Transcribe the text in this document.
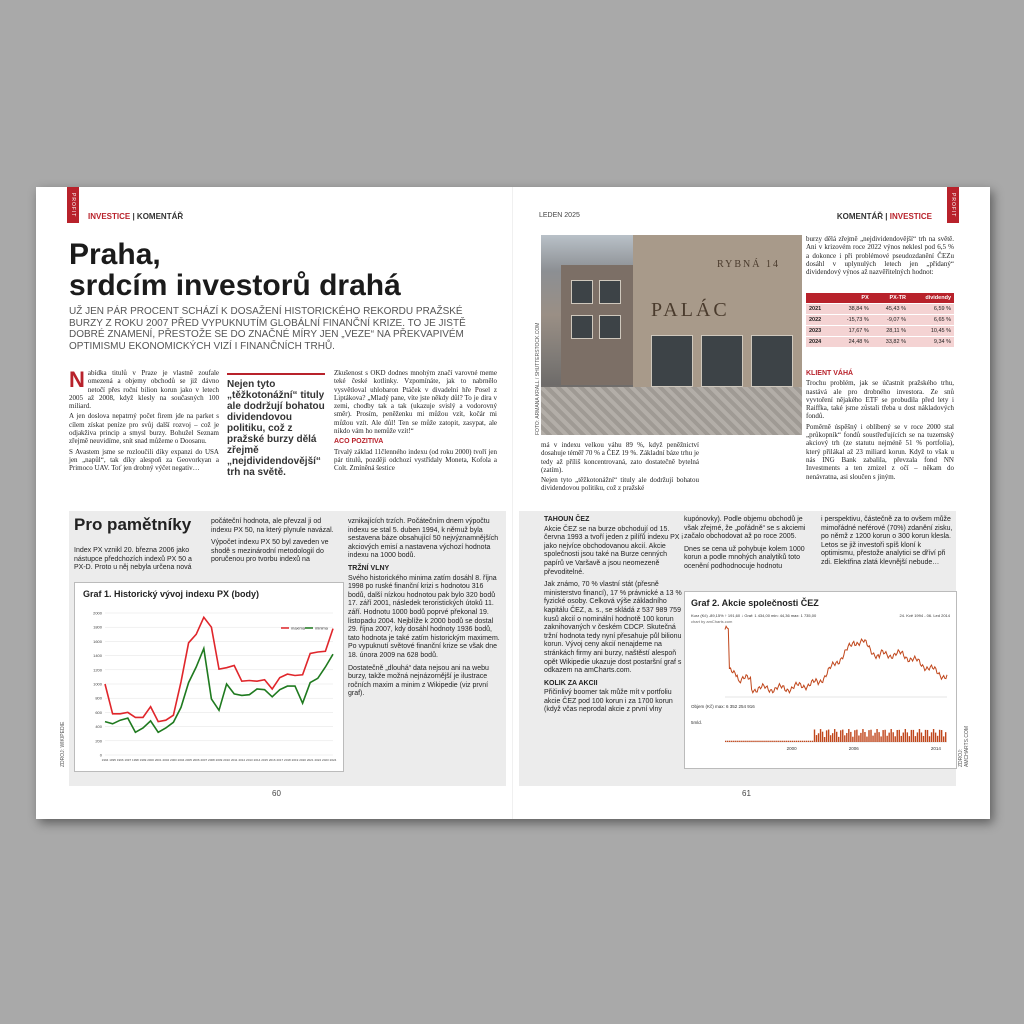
PROFIT	PROFIT
INVESTICE | KOMENTÁŘ	LEDEN 2025	KOMENTÁŘ | INVESTICE
Praha,
srdcím investorů drahá
UŽ JEN PÁR PROCENT SCHÁZÍ K DOSAŽENÍ HISTORICKÉHO REKORDU PRAŽSKÉ BURZY Z ROKU 2007 PŘED VYPUKNUTÍM GLOBÁLNÍ FINANČNÍ KRIZE. TO JE JISTĚ DOBRÉ ZNAMENÍ, PŘESTOŽE SE DO ZNAČNÉ MÍRY JEN „VEZE“ NA PŘEKVAPIVÉM OPTIMISMU EKONOMICKÝCH VIZÍ I FINANČNÍCH TRHŮ.

Nabídka titulů v Praze je vlastně zoufale omezená a objemy obchodů se již dávno netočí přes roční bilion korun jako v letech 2005 až 2008, když klesly na současných 100 miliard.

A jen doslova nepatrný počet firem jde na parket s cílem získat peníze pro svůj další rozvoj – což je odjakživa princip a smysl burzy. Bohužel Seznam zřejmě neuvidíme, snít snad můžeme o Doosanu.

S Avastem jsme se rozloučili díky expanzi do USA jen „napůl“, tak díky alespoň za Geovorkyan a Primoco UAV. Toť jen drobný výčet negativ…

Nejen tyto „těžkotonážní“ tituly ale dodržují bohatou dividendovou politiku, což z pražské burzy dělá zřejmě „nejdividendovější“ trh na světě.

Zkušenost s OKD dodnes mnohým značí varovné meme teké české kotlinky. Vzpomínáte, jak to nabrnělo vysvětloval uhlobaron Ptáček v divadelní hře Posel z Liptákova? „Mladý pane, víte jste někdy důl? To je díra v zemi, chodby tak a tak (ukazuje svislý a vodorovný směr). Prosím, peněženku mi můžou vzít, kočár mi můžou vzít. Ale důl! Ten se může zatopit, zasypat, ale nikdo vám ho nemůže vzít!“

ACO POZITIVA

Trvalý základ 11členného indexu (od roku 2000) tvoří jen pár titulů, později odchozí vystřídaly Moneta, Kofola a Colt. Zmíněná šestice

PALÁC
RYBNÁ 14
FOTO: ARMANA KRALL / SHUTTERSTOCK.COM

má v indexu velkou váhu 89 %, když peněžnictví dosahuje téměř 70 % a ČEZ 19 %. Základní báze trhu je tedy až příliš koncentrovaná, zato dostatečně bytelná (zatím).

Nejen tyto „těžkotonážní“ tituly ale dodržují bohatou dividendovou politiku, což z pražské

burzy dělá zřejmě „nejdividendovější“ trh na světě. Ani v krizovém roce 2022 výnos neklesl pod 6,5 % a dokonce i při problémové pseudozdanění ČEZu dosáhl v uplynulých letech jen „přidaný“ dividendový výnos až nazvěřitelných hodnot:

	PX	PX-TR	dividendy
2021	38,84 %	45,43 %	6,59 %
2022	-15,73 %	-9,07 %	6,65 %
2023	17,67 %	28,11 %	10,45 %
2024	24,48 %	33,82 %	9,34 %
KLIENT VÁHÁ

Trochu problém, jak se účastnit pražského trhu, nastává ale pro drobného investora. Ze snů vyvtoření nějakého ETF se probudila před lety i Raiffka, také jsme zůstali třeba u dost nákladových fondů.

Poměrně úspěšný i oblíbený se v roce 2000 stal „průkopník“ fondů soustřeďujících se na tuzemský akciový trh (ze statutu nejméně 51 % portfolia), který přilákal až 23 miliard korun. Když to však u nás ING Bank zabalila, převzala fond NN Investments a ten zmizel z očí – někam do nenávratna, asi sloučen s jiným.

Pro pamětníky

Index PX vznikl 20. března 2006 jako nástupce předchozích indexů PX 50 a PX-D. Proto u něj nebyla určena nová

počáteční hodnota, ale převzal ji od indexu PX 50, na který plynule navázal.

Výpočet indexu PX 50 byl zaveden ve shodě s mezinárodní metodologií do poručenou pro tvorbu indexů na

vznikajících trzích. Počátečním dnem výpočtu indexu se stal 5. duben 1994, k němuž byla sestavena báze obsahující 50 nejvýznamnějších akciových emisí a nastavena výchozí hodnota indexu na 1000 bodů.

TRŽNÍ VLNY

Svého historického minima zatím dosáhl 8. října 1998 po ruské finanční krizi s hodnotou 316 bodů, další nízkou hodnotou pak bylo 320 bodů 17. září 2001, následek teroristických útoků 11. září. Hodnotu 1000 bodů poprvé překonal 19. listopadu 2004. Nejblíže k 2000 bodů se dostal 29. října 2007, kdy dosáhl hodnoty 1936 bodů, tato hodnota je také zatím historickým maximem. Po vypuknutí světové finanční krize se však dne 18. února 2009 na 628 bodů.

Dostatečně „dlouhá“ data nejsou ani na webu burzy, takže možná nejnázornější je ilustrace ročních maxim a minim z Wikipedie (viz první graf).

Graf 1. Historický vývoj indexu PX (body)
0
200
400
600
800
1000
1200
1400
1600
1800
2000
1994 1995 1996 1997 1998 1999 2000 2001 2002 2003 2004 2005 2006 2007 2008 2009 2010 2011 2012 2013 2014 2015 2016 2017 2018 2019 2020 2021 2022 2023 2024
maxima minima
ZDROJ: WIKIPEDIE
TAHOUN ČEZ

Akcie ČEZ se na burze obchodují od 15. června 1993 a tvoří jeden z pilířů indexu PX i jako nejvíce obchodovanou akcií. Akcie společnosti jsou také na Burze cenných papírů ve Varšavě a jsou neomezeně převoditelné.

Jak známo, 70 % vlastní stát (přesně ministerstvo financí), 17 % právnické a 13 % fyzické osoby. Celková výše základního kapitálu ČEZ, a. s., se skládá z 537 989 759 kusů akcií o nominální hodnotě 100 korun zaknihovaných v českém CDCP. Skutečná tržní hodnota tedy nyní přesahuje půl bilionu korun. Vývoj ceny akcií nenajdeme na stránkách firmy ani burzy, naštěstí alespoň opět Wikipedie ukazuje dost postaršní graf s odkazem na amCharts.com.

KOLIK ZA AKCII

Přičinlivý boomer tak může mít v portfoliu akcie ČEZ pod 100 korun i za 1700 korun (když včas neprodal akcie z první vlny

kupónovky). Podle objemu obchodů je však zřejmé, že „pořádně“ se s akciemi začalo obchodovat až po roce 2005.

Dnes se cena už pohybuje kolem 1000 korun a podle mnohých analytiků toto ocenění podhodnocuje hodnotu

i perspektivu, částečně za to ovšem může mimořádné neférové (70%) zdanění zisku, po němž z 1200 korun o 300 korun klesla. Letos se již investoři spíš kloní k optimismu, přestože analytici se dříví při zdi. Elektřina zlatá klevnější nebude…

Graf 2. Akcie společnosti ČEZ
Kurz (Kč) -89,15% ↑ 191,60 ↓ Graf: 1 434,00 min: 44,36 max: 1 735,00	24. Kvě 1994 - 06. Led 2014
chart by amCharts.com
Objem (Kč) max: 6 352 254 916
5mld.
2000	2006	2014
ZDROJ: AMCHARTS.COM
60	61
